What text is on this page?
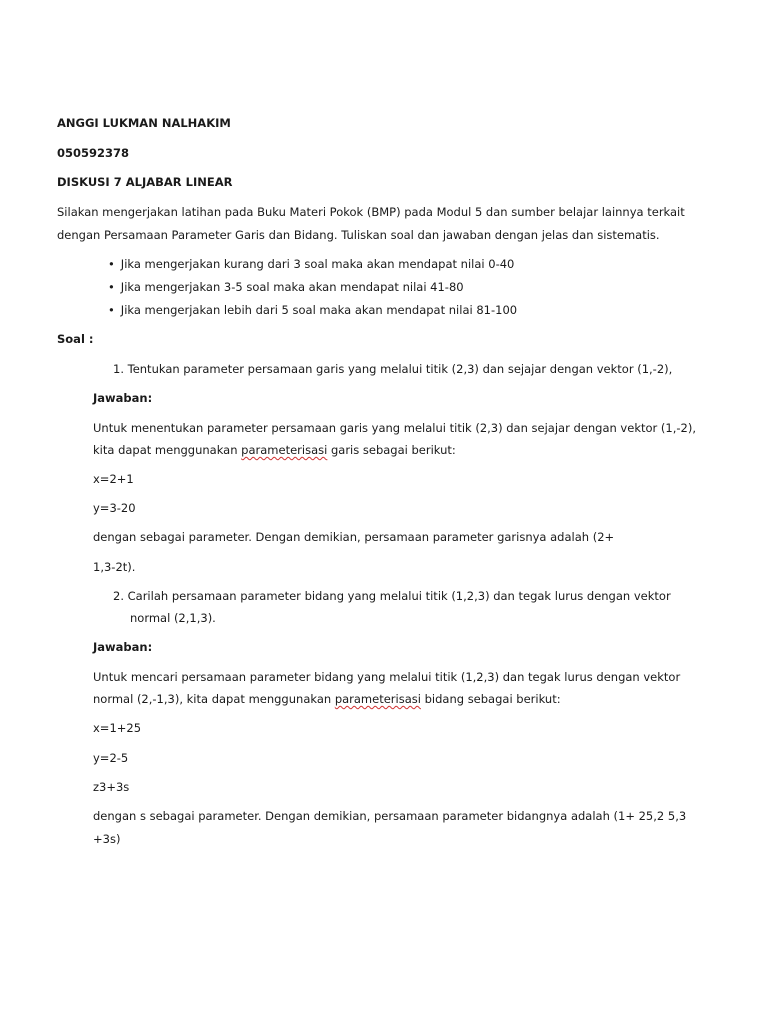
ANGGI LUKMAN NALHAKIM
050592378
DISKUSI 7 ALJABAR LINEAR
Silakan mengerjakan latihan pada Buku Materi Pokok (BMP) pada Modul 5 dan sumber belajar lainnya terkait
dengan Persamaan Parameter Garis dan Bidang. Tuliskan soal dan jawaban dengan jelas dan sistematis.
• Jika mengerjakan kurang dari 3 soal maka akan mendapat nilai 0-40
• Jika mengerjakan 3-5 soal maka akan mendapat nilai 41-80
• Jika mengerjakan lebih dari 5 soal maka akan mendapat nilai 81-100
Soal :
1. Tentukan parameter persamaan garis yang melalui titik (2,3) dan sejajar dengan vektor (1,-2),
Jawaban:
Untuk menentukan parameter persamaan garis yang melalui titik (2,3) dan sejajar dengan vektor (1,-2),
kita dapat menggunakan parameterisasi garis sebagai berikut:
x=2+1
y=3-20
dengan sebagai parameter. Dengan demikian, persamaan parameter garisnya adalah (2+
1,3-2t).
2. Carilah persamaan parameter bidang yang melalui titik (1,2,3) dan tegak lurus dengan vektor
normal (2,1,3).
Jawaban:
Untuk mencari persamaan parameter bidang yang melalui titik (1,2,3) dan tegak lurus dengan vektor
normal (2,-1,3), kita dapat menggunakan parameterisasi bidang sebagai berikut:
x=1+25
y=2-5
z3+3s
dengan s sebagai parameter. Dengan demikian, persamaan parameter bidangnya adalah (1+ 25,2 5,3
+3s)
